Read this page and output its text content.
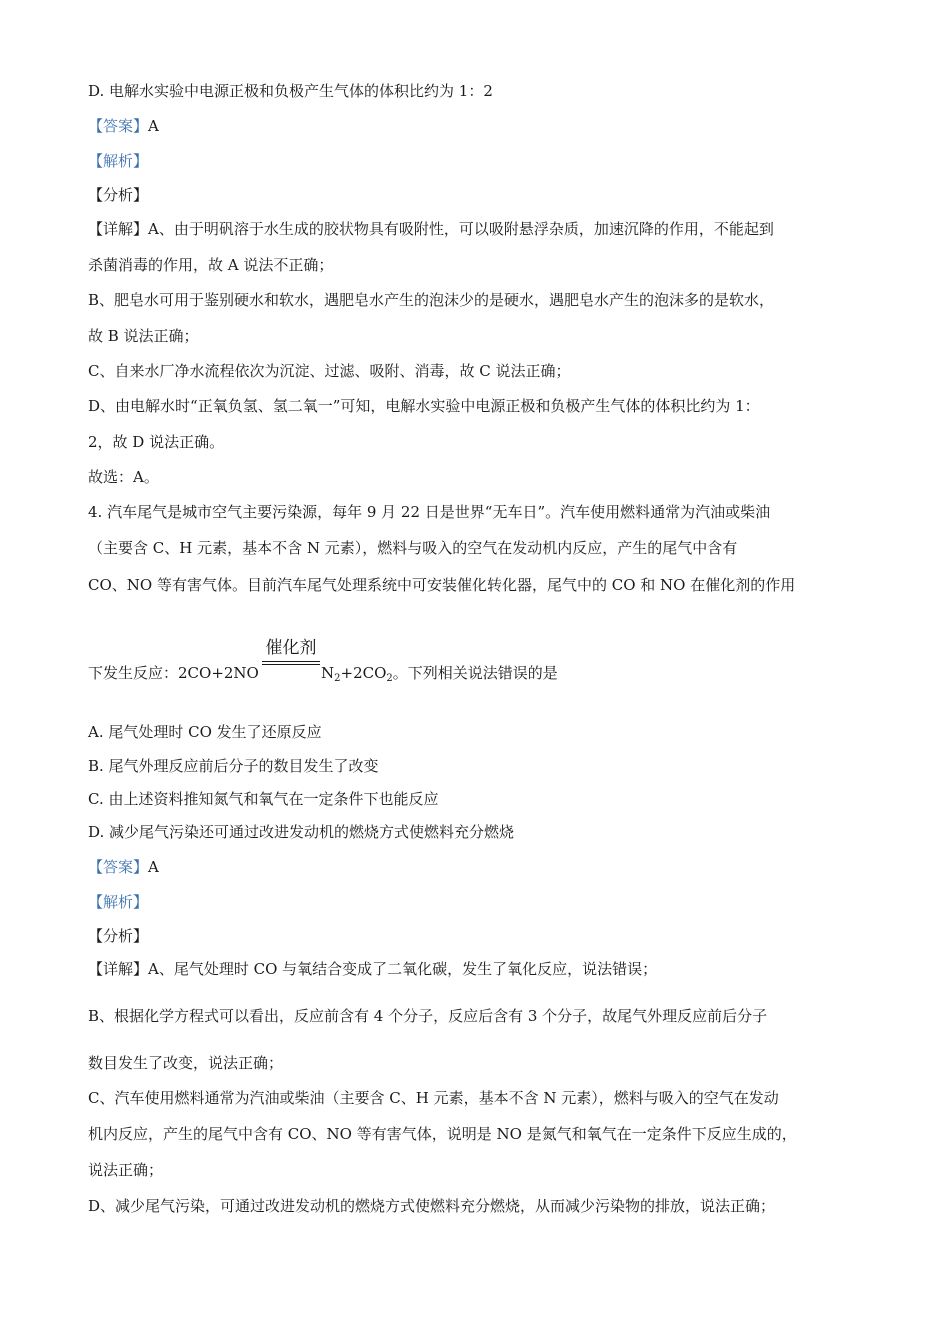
D. 电解水实验中电源正极和负极产生气体的体积比约为 1：2
【答案】A
【解析】
【分析】
【详解】A、由于明矾溶于水生成的胶状物具有吸附性，可以吸附悬浮杂质，加速沉降的作用，不能起到
杀菌消毒的作用，故 A 说法不正确；
B、肥皂水可用于鉴别硬水和软水，遇肥皂水产生的泡沫少的是硬水，遇肥皂水产生的泡沫多的是软水，
故 B 说法正确；
C、自来水厂净水流程依次为沉淀、过滤、吸附、消毒，故 C 说法正确；
D、由电解水时“正氧负氢、氢二氧一”可知，电解水实验中电源正极和负极产生气体的体积比约为 1：
2，故 D 说法正确。
故选：A。
4. 汽车尾气是城市空气主要污染源，每年 9 月 22 日是世界“无车日”。汽车使用燃料通常为汽油或柴油
（主要含 C、H 元素，基本不含 N 元素），燃料与吸入的空气在发动机内反应，产生的尾气中含有
CO、NO 等有害气体。目前汽车尾气处理系统中可安装催化转化器，尾气中的 CO 和 NO 在催化剂的作用
催化剂
下发生反应：2CO+2NO	$N_2+2CO_2$。下列相关说法错误的是
A. 尾气处理时 CO 发生了还原反应
B. 尾气外理反应前后分子的数目发生了改变
C. 由上述资料推知氮气和氧气在一定条件下也能反应
D. 减少尾气污染还可通过改进发动机的燃烧方式使燃料充分燃烧
【答案】A
【解析】
【分析】
【详解】A、尾气处理时 CO 与氧结合变成了二氧化碳，发生了氧化反应，说法错误；
B、根据化学方程式可以看出，反应前含有 4 个分子，反应后含有 3 个分子，故尾气外理反应前后分子
数目发生了改变，说法正确；
C、汽车使用燃料通常为汽油或柴油（主要含 C、H 元素，基本不含 N 元素），燃料与吸入的空气在发动
机内反应，产生的尾气中含有 CO、NO 等有害气体，说明是 NO 是氮气和氧气在一定条件下反应生成的，
说法正确；
D、减少尾气污染，可通过改进发动机的燃烧方式使燃料充分燃烧，从而减少污染物的排放，说法正确；
